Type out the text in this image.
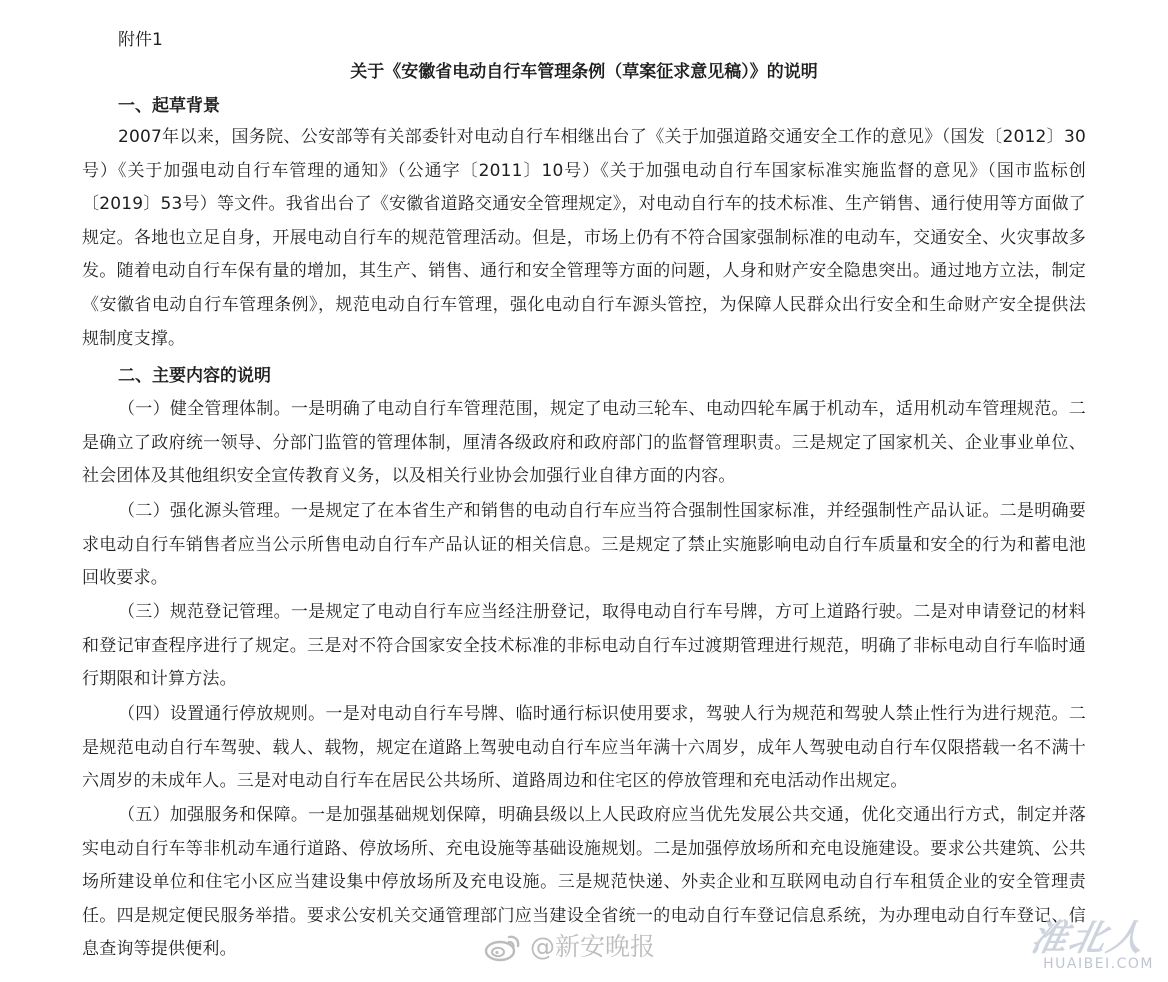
附件1
关于《安徽省电动自行车管理条例（草案征求意见稿）》的说明
一、起草背景

2007年以来，国务院、公安部等有关部委针对电动自行车相继出台了《关于加强道路交通安全工作的意见》（国发〔2012〕30号）《关于加强电动自行车管理的通知》（公通字〔2011〕10号）《关于加强电动自行车国家标准实施监督的意见》（国市监标创〔2019〕53号）等文件。我省出台了《安徽省道路交通安全管理规定》，对电动自行车的技术标准、生产销售、通行使用等方面做了规定。各地也立足自身，开展电动自行车的规范管理活动。但是，市场上仍有不符合国家强制标准的电动车，交通安全、火灾事故多发。随着电动自行车保有量的增加，其生产、销售、通行和安全管理等方面的问题，人身和财产安全隐患突出。通过地方立法，制定《安徽省电动自行车管理条例》，规范电动自行车管理，强化电动自行车源头管控，为保障人民群众出行安全和生命财产安全提供法规制度支撑。

二、主要内容的说明

（一）健全管理体制。一是明确了电动自行车管理范围，规定了电动三轮车、电动四轮车属于机动车，适用机动车管理规范。二是确立了政府统一领导、分部门监管的管理体制，厘清各级政府和政府部门的监督管理职责。三是规定了国家机关、企业事业单位、社会团体及其他组织安全宣传教育义务，以及相关行业协会加强行业自律方面的内容。

（二）强化源头管理。一是规定了在本省生产和销售的电动自行车应当符合强制性国家标准，并经强制性产品认证。二是明确要求电动自行车销售者应当公示所售电动自行车产品认证的相关信息。三是规定了禁止实施影响电动自行车质量和安全的行为和蓄电池回收要求。

（三）规范登记管理。一是规定了电动自行车应当经注册登记，取得电动自行车号牌，方可上道路行驶。二是对申请登记的材料和登记审查程序进行了规定。三是对不符合国家安全技术标准的非标电动自行车过渡期管理进行规范，明确了非标电动自行车临时通行期限和计算方法。

（四）设置通行停放规则。一是对电动自行车号牌、临时通行标识使用要求，驾驶人行为规范和驾驶人禁止性行为进行规范。二是规范电动自行车驾驶、载人、载物，规定在道路上驾驶电动自行车应当年满十六周岁，成年人驾驶电动自行车仅限搭载一名不满十六周岁的未成年人。三是对电动自行车在居民公共场所、道路周边和住宅区的停放管理和充电活动作出规定。

（五）加强服务和保障。一是加强基础规划保障，明确县级以上人民政府应当优先发展公共交通，优化交通出行方式，制定并落实电动自行车等非机动车通行道路、停放场所、充电设施等基础设施规划。二是加强停放场所和充电设施建设。要求公共建筑、公共场所建设单位和住宅小区应当建设集中停放场所及充电设施。三是规范快递、外卖企业和互联网电动自行车租赁企业的安全管理责任。四是规定便民服务举措。要求公安机关交通管理部门应当建设全省统一的电动自行车登记信息系统，为办理电动自行车登记、信息查询等提供便利。	@新安晚报	淮北人
HUAIBEI.COM
